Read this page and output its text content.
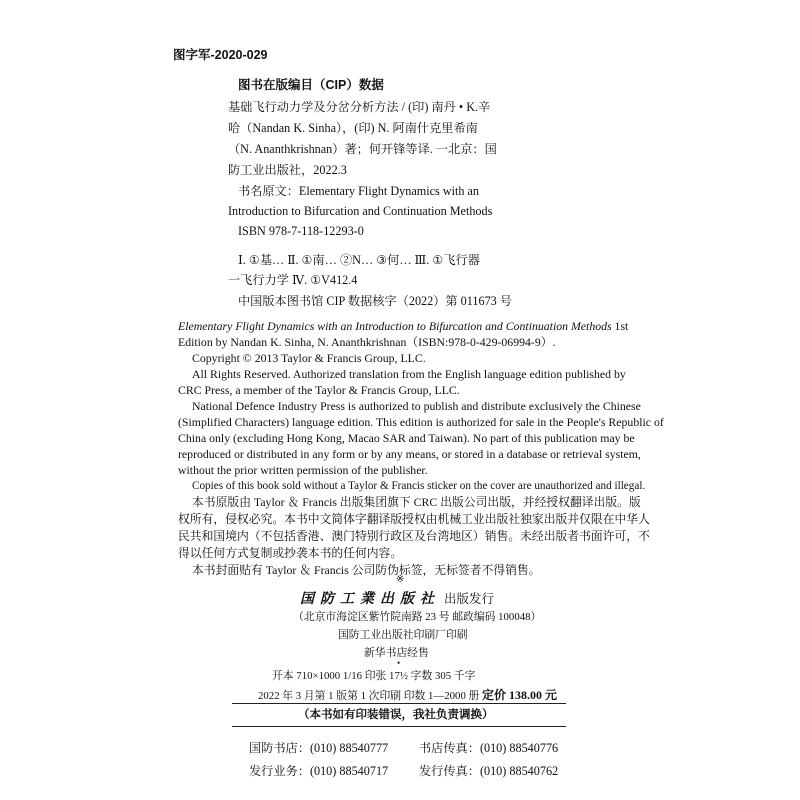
图字军-2020-029
图书在版编目（CIP）数据
基础飞行动力学及分岔分析方法 / (印) 南丹 • K.辛
哈（Nandan K. Sinha），(印) N. 阿南什克里希南
（N. Ananthkrishnan）著；何开锋等译. 一北京：国
防工业出版社，2022.3
书名原文：Elementary Flight Dynamics with an
Introduction to Bifurcation and Continuation Methods
ISBN 978-7-118-12293-0
Ⅰ. ①基… Ⅱ. ①南… ②N… ③何… Ⅲ. ①飞行器
一飞行力学 Ⅳ. ①V412.4
中国版本图书馆 CIP 数据核字（2022）第 011673 号
Elementary Flight Dynamics with an Introduction to Bifurcation and Continuation Methods 1st
Edition by Nandan K. Sinha, N. Ananthkrishnan（ISBN:978-0-429-06994-9）.
Copyright © 2013 Taylor & Francis Group, LLC.
All Rights Reserved. Authorized translation from the English language edition published by
CRC Press, a member of the Taylor & Francis Group, LLC.
National Defence Industry Press is authorized to publish and distribute exclusively the Chinese
(Simplified Characters) language edition. This edition is authorized for sale in the People's Republic of
China only (excluding Hong Kong, Macao SAR and Taiwan). No part of this publication may be
reproduced or distributed in any form or by any means, or stored in a database or retrieval system,
without the prior written permission of the publisher.
Copies of this book sold without a Taylor & Francis sticker on the cover are unauthorized and illegal.
本书原版由 Taylor ＆ Francis 出版集团旗下 CRC 出版公司出版，并经授权翻译出版。版
权所有，侵权必究。本书中文简体字翻译版授权由机械工业出版社独家出版并仅限在中华人
民共和国境内（不包括香港、澳门特别行政区及台湾地区）销售。未经出版者书面许可，不
得以任何方式复制或抄袭本书的任何内容。
本书封面贴有 Taylor ＆ Francis 公司防伪标签，无标签者不得销售。
※
国防工業出版社 出版发行
（北京市海淀区紫竹院南路 23 号 邮政编码 100048）
国防工业出版社印刷厂印刷
新华书店经售
•
开本 710×1000 1/16 印张 17½ 字数 305 千字
2022 年 3 月第 1 版第 1 次印刷 印数 1—2000 册 定价 138.00 元
（本书如有印装错误，我社负责调换）
国防书店：(010) 88540777	书店传真：(010) 88540776
发行业务：(010) 88540717	发行传真：(010) 88540762
